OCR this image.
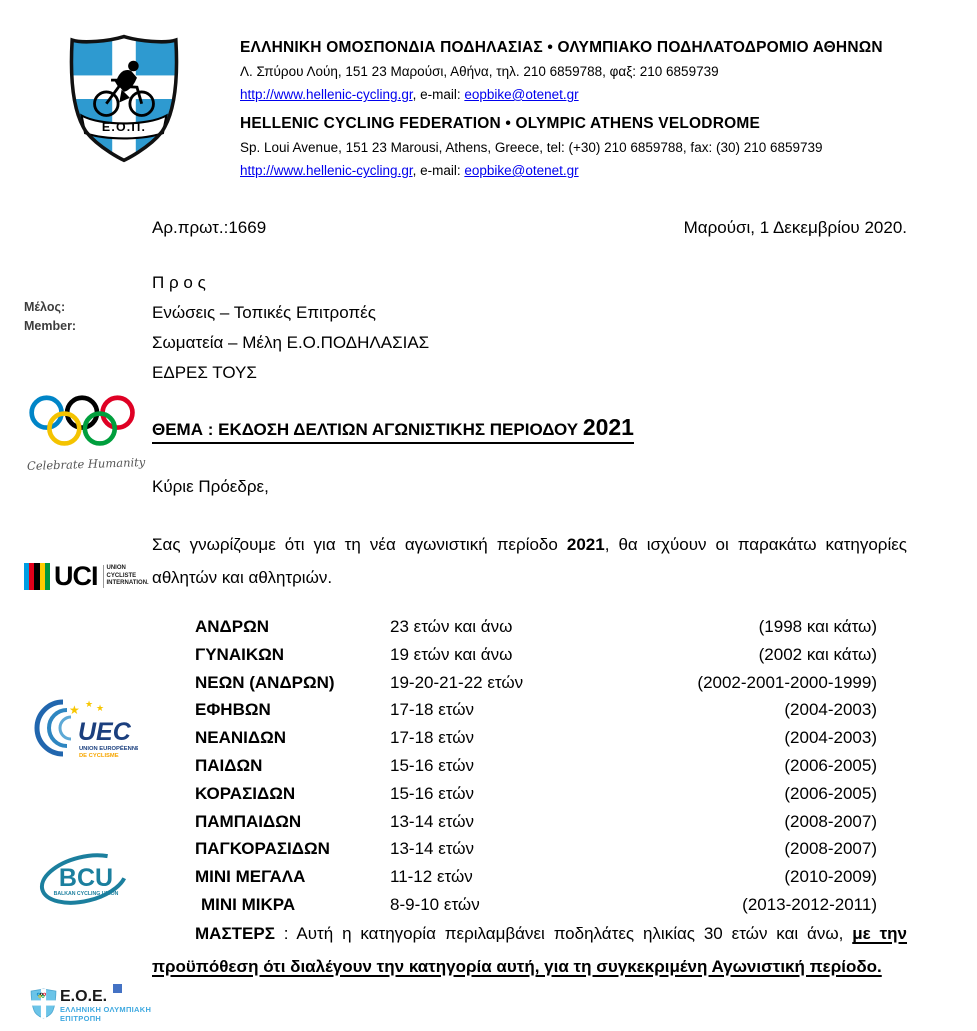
Ε.Ο.Π.
ΕΛΛΗΝΙΚΗ ΟΜΟΣΠΟΝΔΙΑ ΠΟΔΗΛΑΣΙΑΣ • ΟΛΥΜΠΙΑΚΟ ΠΟΔΗΛΑΤΟΔΡΟΜΙΟ ΑΘΗΝΩΝ
Λ. Σπύρου Λούη, 151 23 Μαρούσι, Αθήνα, τηλ. 210 6859788, φαξ: 210 6859739
http://www.hellenic-cycling.gr, e-mail: eopbike@otenet.gr
HELLENIC CYCLING FEDERATION • OLYMPIC ATHENS VELODROME
Sp. Loui Avenue, 151 23 Marousi, Athens, Greece, tel: (+30) 210 6859788, fax: (30) 210 6859739
http://www.hellenic-cycling.gr, e-mail: eopbike@otenet.gr
Αρ.πρωτ.:1669	Μαρούσι, 1 Δεκεμβρίου 2020.
Π ρ ο ς
Ενώσεις – Τοπικές Επιτροπές
Σωματεία – Μέλη Ε.Ο.ΠΟΔΗΛΑΣΙΑΣ
ΕΔΡΕΣ ΤΟΥΣ
ΘΕΜΑ : ΕΚΔΟΣΗ ΔΕΛΤΙΩΝ ΑΓΩΝΙΣΤΙΚΗΣ ΠΕΡΙΟΔΟΥ 2021
Κύριε Πρόεδρε,

Σας γνωρίζουμε ότι για τη νέα αγωνιστική περίοδο 2021, θα ισχύουν οι παρακάτω κατηγορίες αθλητών και αθλητριών.

ΑΝΔΡΩΝ	23 ετών και άνω	(1998 και κάτω)
ΓΥΝΑΙΚΩΝ	19 ετών και άνω	(2002 και κάτω)
ΝΕΩΝ (ΑΝΔΡΩΝ)	19-20-21-22 ετών	(2002-2001-2000-1999)
ΕΦΗΒΩΝ	17-18 ετών	(2004-2003)
ΝΕΑΝΙΔΩΝ	17-18 ετών	(2004-2003)
ΠΑΙΔΩΝ	15-16 ετών	(2006-2005)
ΚΟΡΑΣΙΔΩΝ	15-16 ετών	(2006-2005)
ΠΑΜΠΑΙΔΩΝ	13-14 ετών	(2008-2007)
ΠΑΓΚΟΡΑΣΙΔΩΝ	13-14 ετών	(2008-2007)
ΜΙΝΙ ΜΕΓΑΛΑ	11-12 ετών	(2010-2009)
ΜΙΝΙ ΜΙΚΡΑ	8-9-10 ετών	(2013-2012-2011)

ΜΑΣΤΕΡΣ : Αυτή η κατηγορία περιλαμβάνει ποδηλάτες ηλικίας 30 ετών και άνω, με την προϋπόθεση ότι διαλέγουν την κατηγορία αυτή, για τη συγκεκριμένη Αγωνιστική περίοδο.

Μέλος:
Member:
Celebrate Humanity
UCI UNION
CYCLISTE
INTERNATION.
★ ★ ★
UEC
UNION EUROPÉENNE
DE CYCLISME
BCU
BALKAN CYCLING UNION
Ε.Ο.Ε.
ΕΛΛΗΝΙΚΗ ΟΛΥΜΠΙΑΚΗ
ΕΠΙΤΡΟΠΗ
